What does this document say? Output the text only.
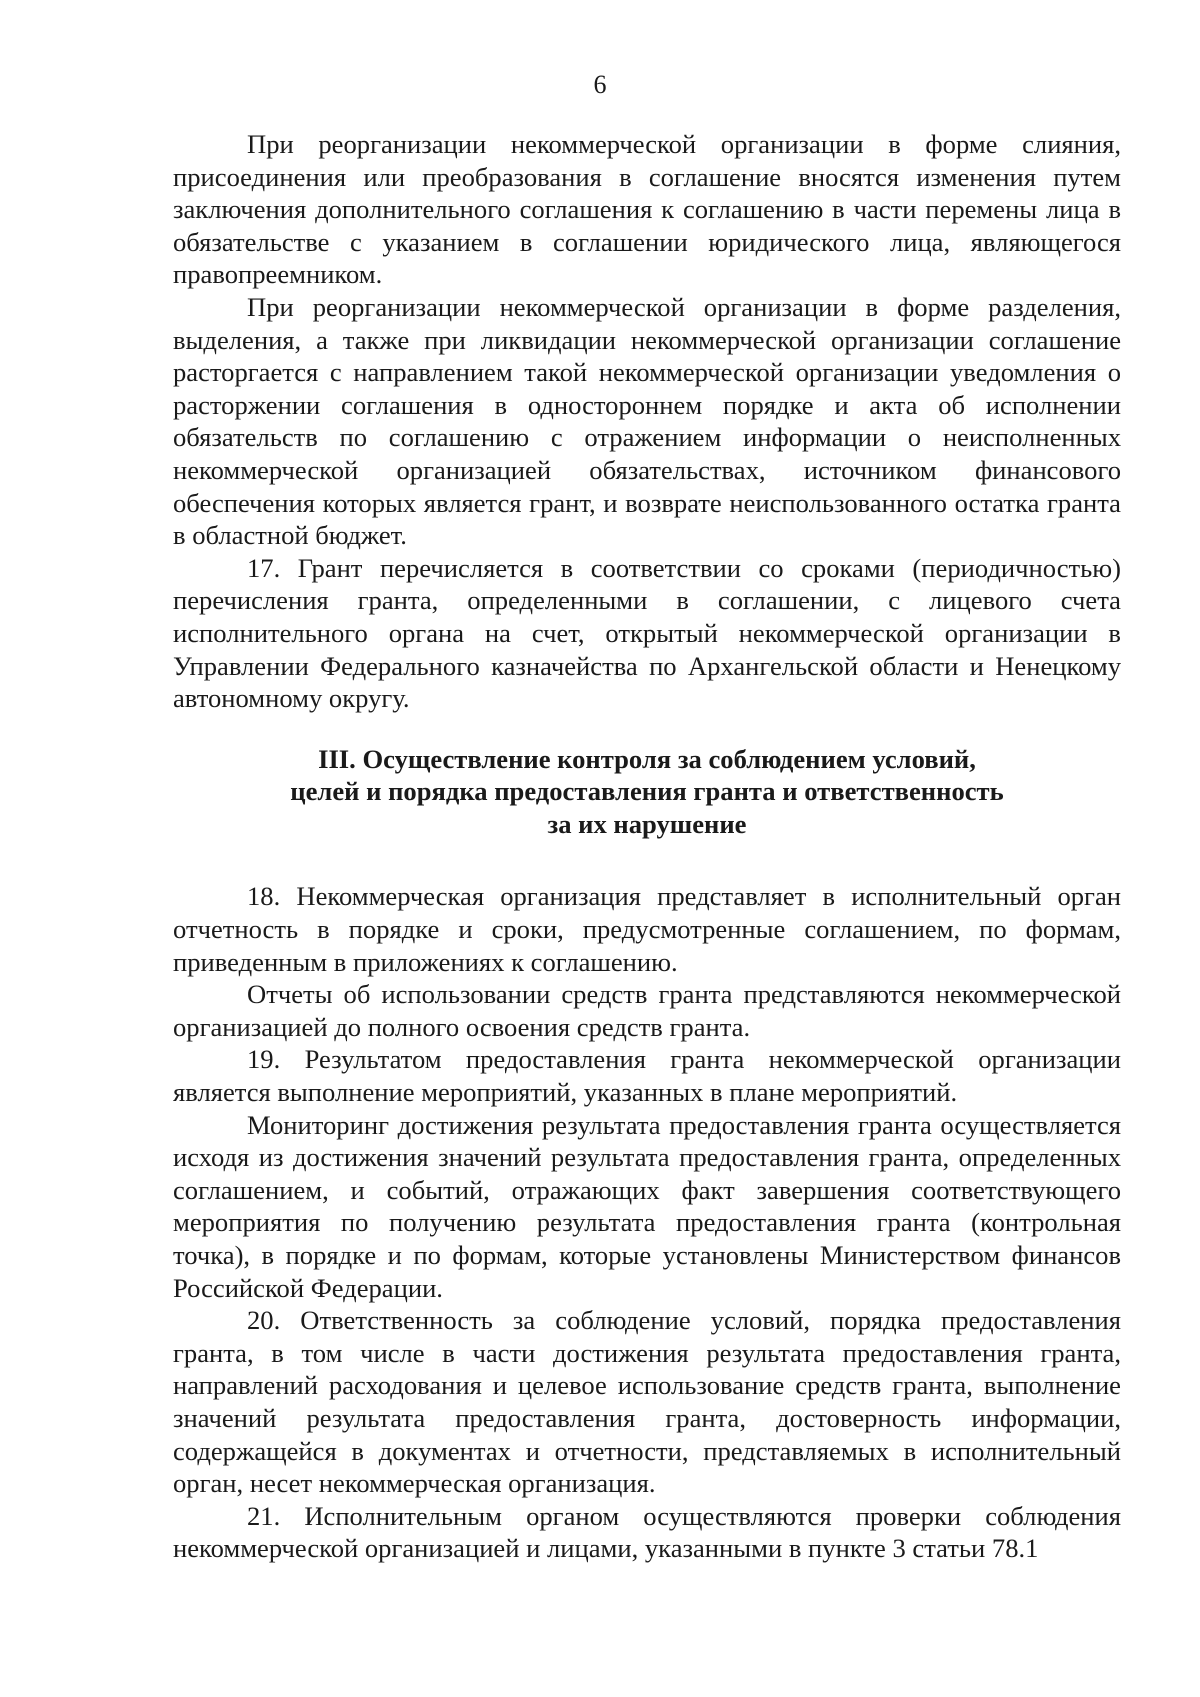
6

При реорганизации некоммерческой организации в форме слияния, присоединения или преобразования в соглашение вносятся изменения путем заключения дополнительного соглашения к соглашению в части перемены лица в обязательстве с указанием в соглашении юридического лица, являющегося правопреемником.

При реорганизации некоммерческой организации в форме разделения, выделения, а также при ликвидации некоммерческой организации соглашение расторгается с направлением такой некоммерческой организации уведомления о расторжении соглашения в одностороннем порядке и акта об исполнении обязательств по соглашению с отражением информации о неисполненных некоммерческой организацией обязательствах, источником финансового обеспечения которых является грант, и возврате неиспользованного остатка гранта в областной бюджет.

17. Грант перечисляется в соответствии со сроками (периодичностью) перечисления гранта, определенными в соглашении, с лицевого счета исполнительного органа на счет, открытый некоммерческой организации в Управлении Федерального казначейства по Архангельской области и Ненецкому автономному округу.

III. Осуществление контроля за соблюдением условий,
целей и порядка предоставления гранта и ответственность
за их нарушение

18. Некоммерческая организация представляет в исполнительный орган отчетность в порядке и сроки, предусмотренные соглашением, по формам, приведенным в приложениях к соглашению.

Отчеты об использовании средств гранта представляются некоммерческой организацией до полного освоения средств гранта.

19. Результатом предоставления гранта некоммерческой организации является выполнение мероприятий, указанных в плане мероприятий.

Мониторинг достижения результата предоставления гранта осуществляется исходя из достижения значений результата предоставления гранта, определенных соглашением, и событий, отражающих факт завершения соответствующего мероприятия по получению результата предоставления гранта (контрольная точка), в порядке и по формам, которые установлены Министерством финансов Российской Федерации.

20. Ответственность за соблюдение условий, порядка предоставления гранта, в том числе в части достижения результата предоставления гранта, направлений расходования и целевое использование средств гранта, выполнение значений результата предоставления гранта, достоверность информации, содержащейся в документах и отчетности, представляемых в исполнительный орган, несет некоммерческая организация.

21. Исполнительным органом осуществляются проверки соблюдения некоммерческой организацией и лицами, указанными в пункте 3 статьи 78.1
